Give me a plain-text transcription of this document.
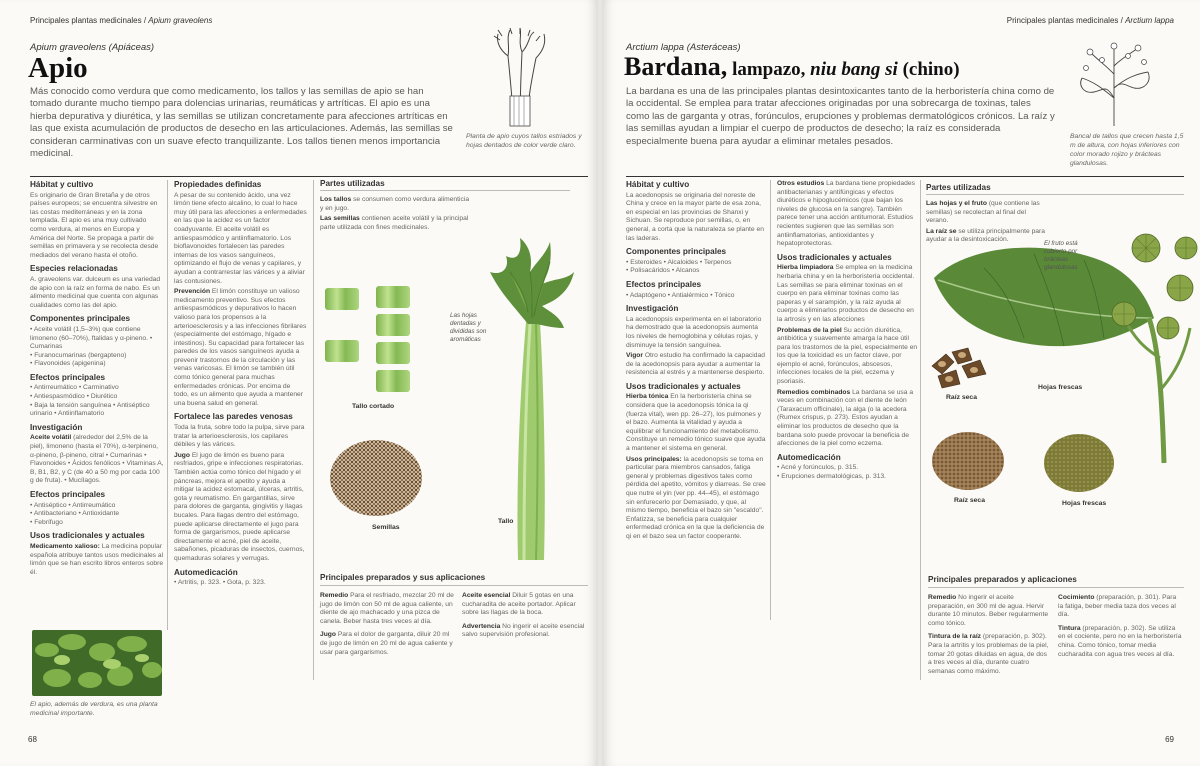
Principales plantas medicinales / Apium graveolens
Apium graveolens (Apiáceas)
Apio
Más conocido como verdura que como medicamento, los tallos y las semillas de apio se han tomado durante mucho tiempo para dolencias urinarias, reumáticas y artríticas. El apio es una hierba depurativa y diurética, y las semillas se utilizan concretamente para afecciones artríticas en las que exista acumulación de productos de desecho en las articulaciones. Además, las semillas se consideran carminativas con un suave efecto tranquilizante. Los tallos tienen menos importancia medicinal.
Planta de apio cuyos tallos estriados y hojas dentados de color verde claro.
Hábitat y cultivo

Es originario de Gran Bretaña y de otros países europeos; se encuentra silvestre en las costas mediterráneas y en la zona templada. El apio es una muy cultivado como verdura, al menos en Europa y América del Norte. Se propaga a partir de semillas en primavera y se recolecta desde mediados del verano hasta el otoño.

Especies relacionadas

A. graveolens var. dulceum es una variedad de apio con la raíz en forma de nabo. Es un alimento medicinal que cuenta con algunas cualidades como las del apio.

Componentes principales
• Aceite volátil (1,5–3%) que contiene limoneno (60–70%), ftalidas y α-pineno. • Cumarinas
• Furanocumarinas (bergapteno)
• Flavonoides (apigenina)
Efectos principales
• Antirreumático • Carminativo
• Antiespasmódico • Diurético
• Baja la tensión sanguínea • Antiséptico urinario • Antiinflamatorio
Investigación

Aceite volátil (alrededor del 2,5% de la piel), limoneno (hasta el 70%), α-terpineno, α-pineno, β-pineno, citral • Cumarinas • Flavonoides • Ácidos fenólicos • Vitaminas A, B, B1, B2, y C (de 40 a 50 mg por cada 100 g de fruta). • Mucílagos.

Efectos principales
• Antiséptico • Antirreumático
• Antibacteriano • Antioxidante
• Febrífugo
Usos tradicionales y actuales

Medicamento xalioso: La medicina popular española atribuye tantos usos medicinales al limón que se han escrito libros enteros sobre él.

El apio, además de verdura, es una planta medicinal importante.
Propiedades definidas

A pesar de su contenido ácido, una vez limón tiene efecto alcalino, lo cual lo hace muy útil para las afecciones a enfermedades en las que la acidez es un factor coadyuvante. El aceite volátil es antiespasmódico y antiinflamatorio. Los bioflavonoides fortalecen las paredes internas de los vasos sanguíneos, optimizando el flujo de venas y capilares, y ayudan a contrarrestar las várices y a aliviar las contusiones.

Prevención El limón constituye un valioso medicamento preventivo. Sus efectos antiespasmódicos y depurativos lo hacen valioso para los propensos a la arterioesclerosis y a las infecciones fibrilares (especialmente del estómago, hígado e intestinos). Su capacidad para fortalecer las paredes de los vasos sanguíneos ayuda a prevenir trastornos de la circulación y las venas varicosas. El limón se también útil como tónico general para muchas enfermedades crónicas. Por encima de todo, es un alimento que ayuda a mantener una buena salud en general.

Fortalece las paredes venosas

Toda la fruta, sobre todo la pulpa, sirve para tratar la arterioesclerosis, los capilares débiles y las várices.

Jugo El jugo de limón es bueno para resfriados, gripe e infecciones respiratorias. También actúa como tónico del hígado y el páncreas, mejora el apetito y ayuda a mitigar la acidez estomacal, úlceras, artritis, gota y reumatismo. En gargantillas, sirve para dolores de garganta, gingivitis y llagas bucales. Para llagas dentro del estómago, puede aplicarse directamente el jugo para forma de gargarismos, puede aplicarse directamente el acné, piel de aceite, sabañones, picaduras de insectos, cuernos, quemaduras solares y verrugas.

Automedicación
• Artritis, p. 323. • Gota, p. 323.
Partes utilizadas

Los tallos se consumen como verdura alimenticia y en jugo.

Las semillas contienen aceite volátil y la principal parte utilizada con fines medicinales.

Tallo cortado
Semillas
Las hojas dentadas y divididas son aromáticas
Tallo
Principales preparados y sus aplicaciones

Remedio Para el resfriado, mezclar 20 ml de jugo de limón con 50 ml de agua caliente, un diente de ajo machacado y una pizca de canela. Beber hasta tres veces al día.

Jugo Para el dolor de garganta, diluir 20 ml de jugo de limón en 20 ml de agua caliente y usar para gargarismos.

Aceite esencial Diluir 5 gotas en una cucharadita de aceite portador. Aplicar sobre las llagas de la boca.

Advertencia No ingerir el aceite esencial salvo supervisión profesional.

68
Principales plantas medicinales / Arctium lappa
Arctium lappa (Asteráceas)
Bardana, lampazo, niu bang si (chino)
La bardana es una de las principales plantas desintoxicantes tanto de la herboristería china como de la occidental. Se emplea para tratar afecciones originadas por una sobrecarga de toxinas, tales como las de garganta y otras, forúnculos, erupciones y problemas dermatológicos crónicos. La raíz y las semillas ayudan a limpiar el cuerpo de productos de desecho; la raíz es considerada especialmente buena para ayudar a eliminar metales pesados.	Bancal de tallos que crecen hasta 1,5 m de altura, con hojas inferiores con color morado rojizo y brácteas glandulosas.
Hábitat y cultivo

La acedonopsis se originaria del noreste de China y crece en la mayor parte de esa zona, en especial en las provincias de Shanxi y Sichuan. Se reproduce por semillas, o, en general, a corta que la naturaleza se plante en las laderas.

Componentes principales
• Esteroides • Alcaloides • Terpenos
• Polisacáridos • Alcanos
Efectos principales
• Adaptógeno • Antialérmico • Tónico
Investigación

La acedonopsis experimenta en el laboratorio ha demostrado que la acedonopsis aumenta los niveles de hemoglobina y células rojas, y disminuye la tensión sanguínea.

Vigor Otro estudio ha confirmado la capacidad de la acedonopsis para ayudar a aumentar la resistencia al estrés y a mantenerse despierto.

Usos tradicionales y actuales

Hierba tónica En la herboristería china se considera que la acedonopsis tónica la qi (fuerza vital), wen pp. 26–27), los pulmones y el bazo. Aumenta la vitalidad y ayuda a equilibrar el funcionamiento del metabolismo. Constituye un remedio tónico suave que ayuda a mantener el sistema en general.

Usos principales: la acedonopsis se toma en particular para miembros cansados, fatiga general y problemas digestivos tales como pérdida del apetito, vómitos y diarreas. Se cree que nutre el yin (ver pp. 44–45), el estómago sin enfurecerlo por Demasiado, y que, al mismo tiempo, beneficia el bazo sin "escaldo". Enfatizza, se beneficia para cualquier enfermedad crónica en la que la deficiencia de qi en el bazo sea un factor cooperante.

Otros estudios La bardana tiene propiedades antibacterianas y antifúngicas y efectos diuréticos e hipoglucémicos (que bajan los niveles de glucosa en la sangre). También parece tener una acción antitumoral. Estudios recientes sugieren que las semillas son antiinflamatorias, antioxidantes y hepatoprotectoras.

Usos tradicionales y actuales

Hierba limpiadora Se emplea en la medicina herbaria china y en la herboristería occidental. Las semillas se para eliminar toxinas en el cuerpo en para eliminar toxinas como las paperas y el sarampión, y la raíz ayuda al cuerpo a eliminarlos productos de desecho en la artrosis y en las afecciones

Problemas de la piel Su acción diurética, antibiótica y suavemente amarga la hace útil para los trastornos de la piel, especialmente en los que la toxicidad es un factor clave, por ejemplo el acné, forúnculos, abscesos, infecciones locales de la piel, eczema y psoriasis.

Remedios combinados La bardana se usa a veces en combinación con el diente de león (Taraxacum officinale), la alga (o la acedera (Rumex crispus, p. 273). Estos ayudan a eliminar los productos de desecho que la bardana solo puede provocar la beneficia de afecciones de la piel como eczema.

Automedicación
• Acné y forúnculos, p. 315.
• Erupciones dermatológicas, p. 313.
Partes utilizadas

Las hojas y el fruto (que contiene las semillas) se recolectan al final del verano.

La raíz se se utiliza principalmente para ayudar a la desintoxicación.

El fruto está cubierto por brácteas glandulosas
Raíz seca
Hojas frescas
Raíz seca	Hojas frescas
Principales preparados y aplicaciones

Remedio No ingerir el aceite preparación, en 300 ml de agua. Hervir durante 10 minutos. Beber regularmente como tónico.

Tintura de la raíz (preparación, p. 302). Para la artritis y los problemas de la piel, tomar 20 gotas diluidas en agua, de dos a tres veces al día, durante cuatro semanas como máximo.

Cocimiento (preparación, p. 301). Para la fatiga, beber media taza dos veces al día.

Tintura (preparación, p. 302). Se utiliza en el cociente, pero no en la herboristería china. Como tónico, tomar media cucharadita con agua tres veces al día.

69
